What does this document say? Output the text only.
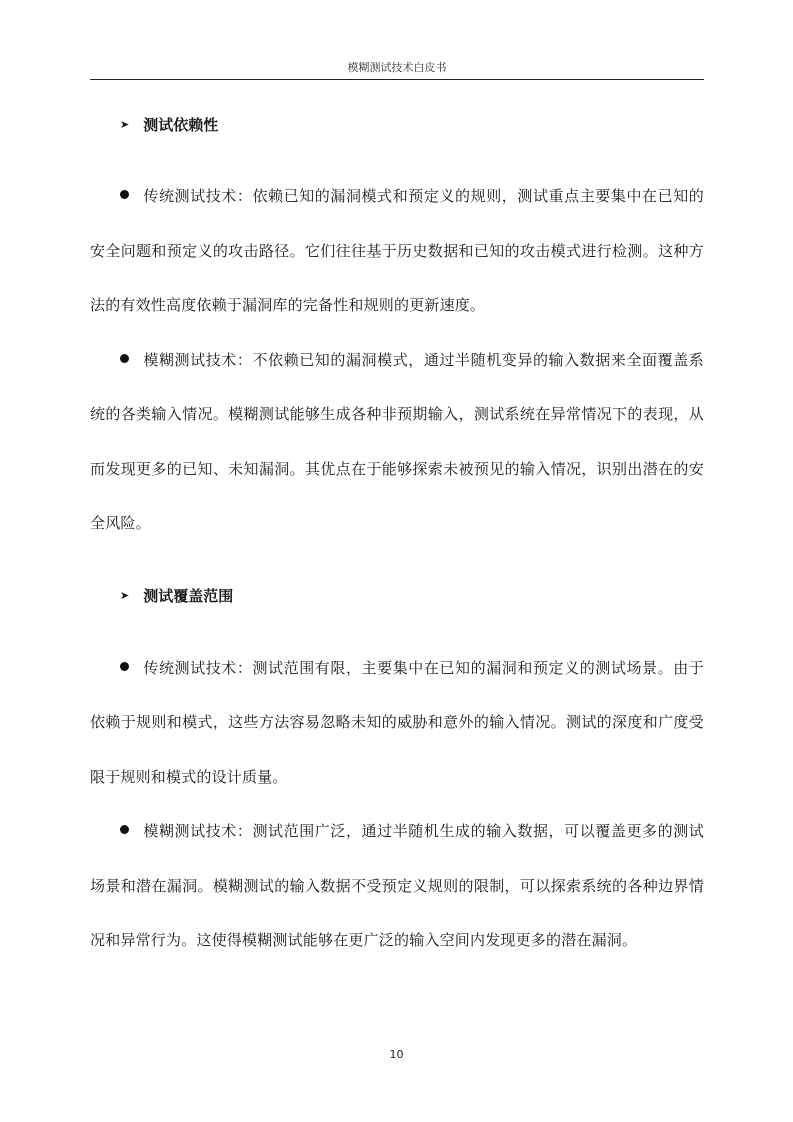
模糊测试技术白皮书
➤ 测试依赖性
传统测试技术：依赖已知的漏洞模式和预定义的规则，测试重点主要集中在已知的安全问题和预定义的攻击路径。它们往往基于历史数据和已知的攻击模式进行检测。这种方法的有效性高度依赖于漏洞库的完备性和规则的更新速度。
模糊测试技术：不依赖已知的漏洞模式，通过半随机变异的输入数据来全面覆盖系统的各类输入情况。模糊测试能够生成各种非预期输入，测试系统在异常情况下的表现，从而发现更多的已知、未知漏洞。其优点在于能够探索未被预见的输入情况，识别出潜在的安全风险。
➤ 测试覆盖范围
传统测试技术：测试范围有限，主要集中在已知的漏洞和预定义的测试场景。由于依赖于规则和模式，这些方法容易忽略未知的威胁和意外的输入情况。测试的深度和广度受限于规则和模式的设计质量。
模糊测试技术：测试范围广泛，通过半随机生成的输入数据，可以覆盖更多的测试场景和潜在漏洞。模糊测试的输入数据不受预定义规则的限制，可以探索系统的各种边界情况和异常行为。这使得模糊测试能够在更广泛的输入空间内发现更多的潜在漏洞。
10
